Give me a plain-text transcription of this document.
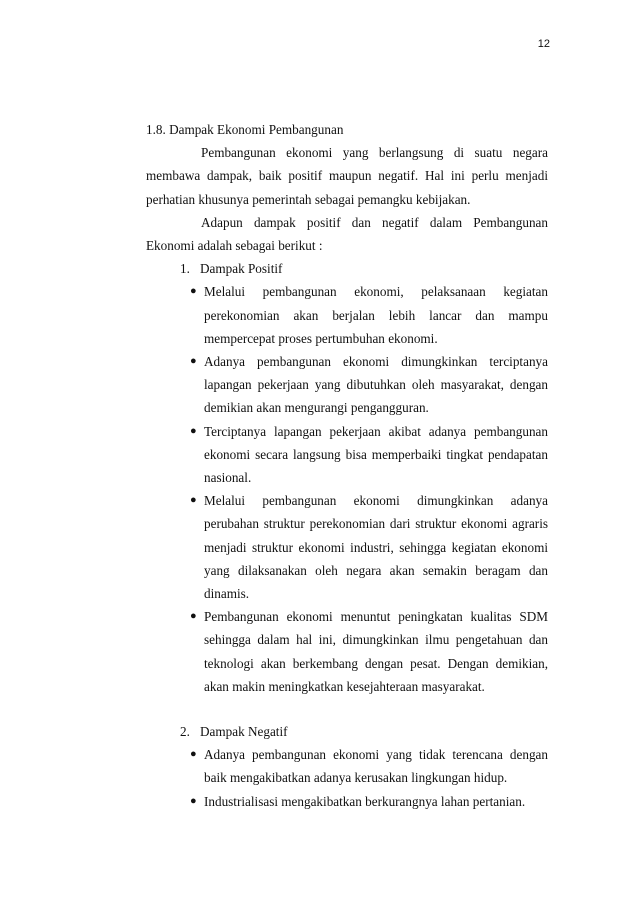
12

1.8. Dampak Ekonomi Pembangunan

Pembangunan ekonomi yang berlangsung di suatu negara membawa dampak, baik positif maupun negatif. Hal ini perlu menjadi perhatian khusunya pemerintah sebagai pemangku kebijakan.

Adapun dampak positif dan negatif dalam Pembangunan Ekonomi adalah sebagai berikut :

1. Dampak Positif
● Melalui pembangunan ekonomi, pelaksanaan kegiatan perekonomian akan berjalan lebih lancar dan mampu mempercepat proses pertumbuhan ekonomi.
● Adanya pembangunan ekonomi dimungkinkan terciptanya lapangan pekerjaan yang dibutuhkan oleh masyarakat, dengan demikian akan mengurangi pengangguran.
● Terciptanya lapangan pekerjaan akibat adanya pembangunan ekonomi secara langsung bisa memperbaiki tingkat pendapatan nasional.
● Melalui pembangunan ekonomi dimungkinkan adanya perubahan struktur perekonomian dari struktur ekonomi agraris menjadi struktur ekonomi industri, sehingga kegiatan ekonomi yang dilaksanakan oleh negara akan semakin beragam dan dinamis.
● Pembangunan ekonomi menuntut peningkatan kualitas SDM sehingga dalam hal ini, dimungkinkan ilmu pengetahuan dan teknologi akan berkembang dengan pesat. Dengan demikian, akan makin meningkatkan kesejahteraan masyarakat.
2. Dampak Negatif
● Adanya pembangunan ekonomi yang tidak terencana dengan baik mengakibatkan adanya kerusakan lingkungan hidup.
● Industrialisasi mengakibatkan berkurangnya lahan pertanian.
